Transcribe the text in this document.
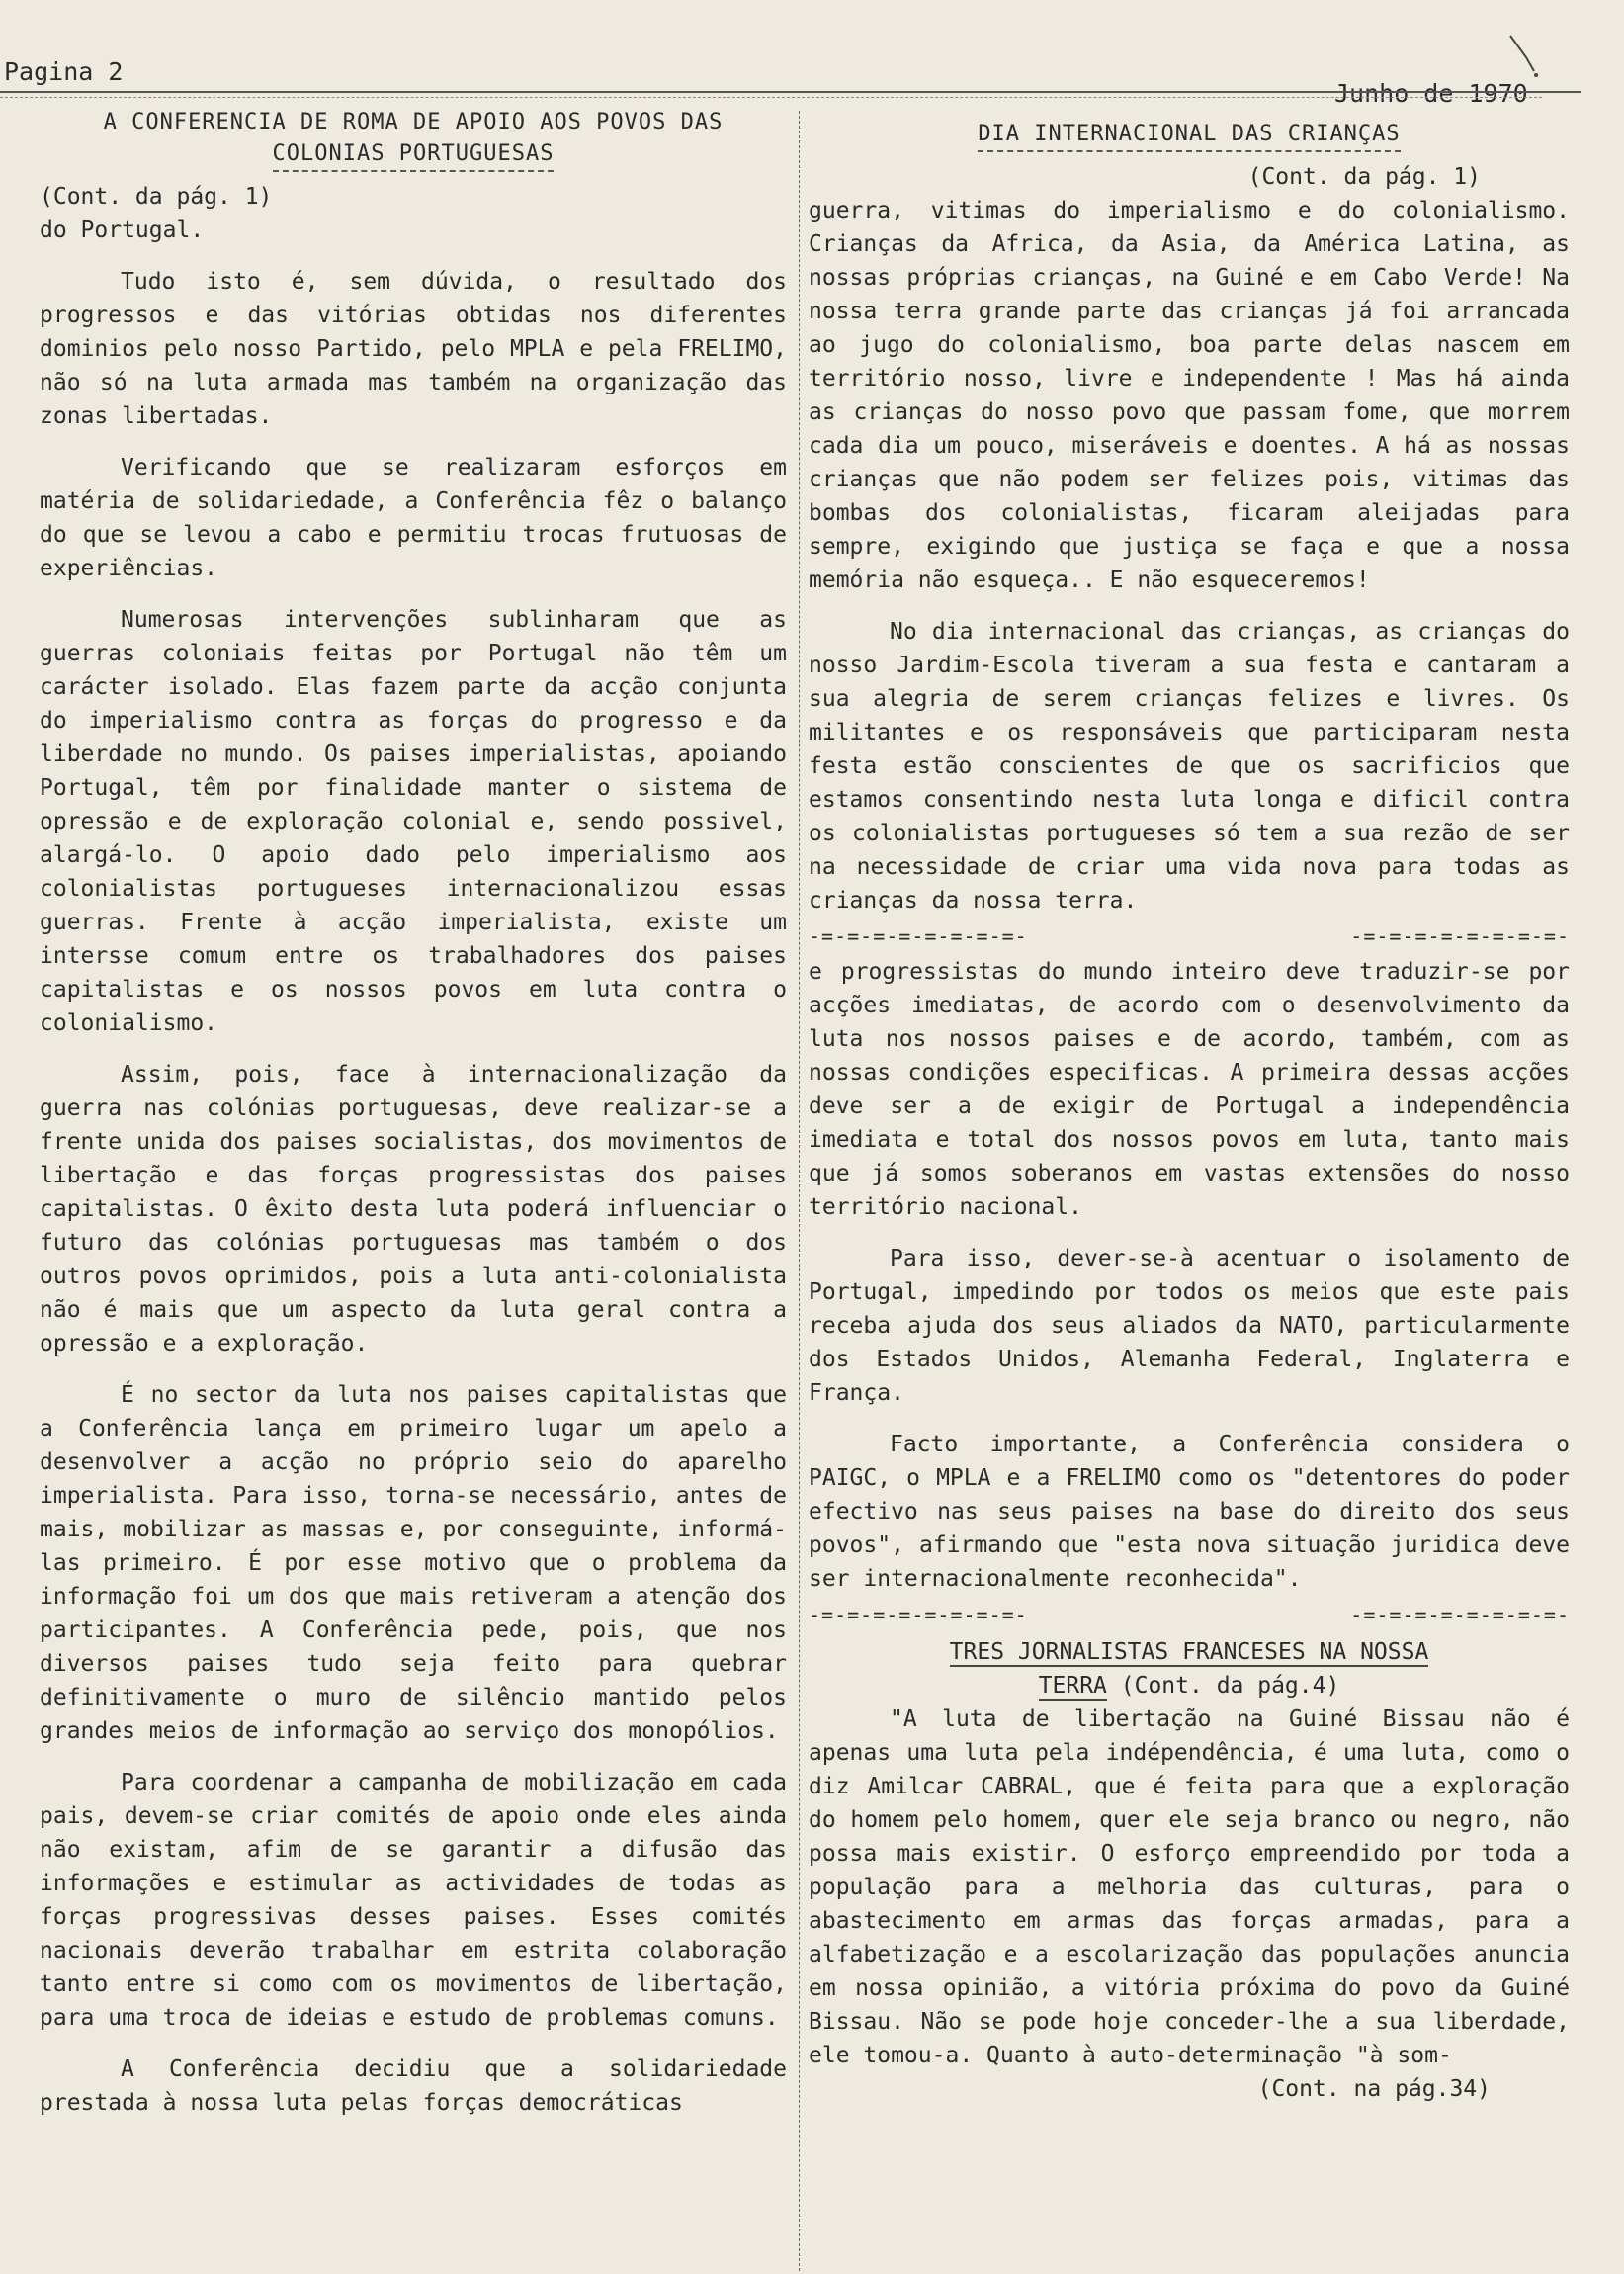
Pagina 2
Junho de 1970
A CONFERENCIA DE ROMA DE APOIO AOS POVOS DAS
COLONIAS PORTUGUESAS
(Cont. da pág. 1)

do Portugal.

Tudo isto é, sem dúvida, o resultado dos progressos e das vitórias obtidas nos diferentes dominios pelo nosso Partido, pelo MPLA e pela FRELIMO, não só na luta armada mas também na organização das zonas libertadas.

Verificando que se realizaram esforços em matéria de solidariedade, a Conferência fêz o balanço do que se levou a cabo e permitiu trocas frutuosas de experiências.

Numerosas intervenções sublinharam que as guerras coloniais feitas por Portugal não têm um carácter isolado. Elas fazem parte da acção conjunta do imperialismo contra as forças do progresso e da liberdade no mundo. Os paises imperialistas, apoiando Portugal, têm por finalidade manter o sistema de opressão e de exploração colonial e, sendo possivel, alargá-lo. O apoio dado pelo imperialismo aos colonialistas portugueses internacionalizou essas guerras. Frente à acção imperialista, existe um intersse comum entre os trabalhadores dos paises capitalistas e os nossos povos em luta contra o colonialismo.

Assim, pois, face à internacionalização da guerra nas colónias portuguesas, deve realizar-se a frente unida dos paises socialistas, dos movimentos de libertação e das forças progressistas dos paises capitalistas. O êxito desta luta poderá influenciar o futuro das colónias portuguesas mas também o dos outros povos oprimidos, pois a luta anti-colonialista não é mais que um aspecto da luta geral contra a opressão e a exploração.

É no sector da luta nos paises capitalistas que a Conferência lança em primeiro lugar um apelo a desenvolver a acção no próprio seio do aparelho imperialista. Para isso, torna-se necessário, antes de mais, mobilizar as massas e, por conseguinte, informá-las primeiro. É por esse motivo que o problema da informação foi um dos que mais retiveram a atenção dos participantes. A Conferência pede, pois, que nos diversos paises tudo seja feito para quebrar definitivamente o muro de silêncio mantido pelos grandes meios de informação ao serviço dos monopólios.

Para coordenar a campanha de mobilização em cada pais, devem-se criar comités de apoio onde eles ainda não existam, afim de se garantir a difusão das informações e estimular as actividades de todas as forças progressivas desses paises. Esses comités nacionais deverão trabalhar em estrita colaboração tanto entre si como com os movimentos de libertação, para uma troca de ideias e estudo de problemas comuns.

A Conferência decidiu que a solidariedade prestada à nossa luta pelas forças democráticas

DIA INTERNACIONAL DAS CRIANÇAS
(Cont. da pág. 1)

guerra, vitimas do imperialismo e do colonialismo. Crianças da Africa, da Asia, da América Latina, as nossas próprias crianças, na Guiné e em Cabo Verde! Na nossa terra grande parte das crianças já foi arrancada ao jugo do colonialismo, boa parte delas nascem em território nosso, livre e independente ! Mas há ainda as crianças do nosso povo que passam fome, que morrem cada dia um pouco, miseráveis e doentes. A há as nossas crianças que não podem ser felizes pois, vitimas das bombas dos colonialistas, ficaram aleijadas para sempre, exigindo que justiça se faça e que a nossa memória não esqueça.. E não esqueceremos!

No dia internacional das crianças, as crianças do nosso Jardim-Escola tiveram a sua festa e cantaram a sua alegria de serem crianças felizes e livres. Os militantes e os responsáveis que participaram nesta festa estão conscientes de que os sacrificios que estamos consentindo nesta luta longa e dificil contra os colonialistas portugueses só tem a sua rezão de ser na necessidade de criar uma vida nova para todas as crianças da nossa terra.

-=-=-=-=-=-=-=-=-	-=-=-=-=-=-=-=-=-

e progressistas do mundo inteiro deve traduzir-se por acções imediatas, de acordo com o desenvolvimento da luta nos nossos paises e de acordo, também, com as nossas condições especificas. A primeira dessas acções deve ser a de exigir de Portugal a independência imediata e total dos nossos povos em luta, tanto mais que já somos soberanos em vastas extensões do nosso território nacional.

Para isso, dever-se-à acentuar o isolamento de Portugal, impedindo por todos os meios que este pais receba ajuda dos seus aliados da NATO, particularmente dos Estados Unidos, Alemanha Federal, Inglaterra e França.

Facto importante, a Conferência considera o PAIGC, o MPLA e a FRELIMO como os "detentores do poder efectivo nas seus paises na base do direito dos seus povos", afirmando que "esta nova situação juridica deve ser internacionalmente reconhecida".

-=-=-=-=-=-=-=-=-	-=-=-=-=-=-=-=-=-
TRES JORNALISTAS FRANCESES NA NOSSA
TERRA (Cont. da pág.4)

"A luta de libertação na Guiné Bissau não é apenas uma luta pela indépendência, é uma luta, como o diz Amilcar CABRAL, que é feita para que a exploração do homem pelo homem, quer ele seja branco ou negro, não possa mais existir. O esforço empreendido por toda a população para a melhoria das culturas, para o abastecimento em armas das forças armadas, para a alfabetização e a escolarização das populações anuncia em nossa opinião, a vitória próxima do povo da Guiné Bissau. Não se pode hoje conceder-lhe a sua liberdade, ele tomou-a. Quanto à auto-determinação "à som-

(Cont. na pág.34)
